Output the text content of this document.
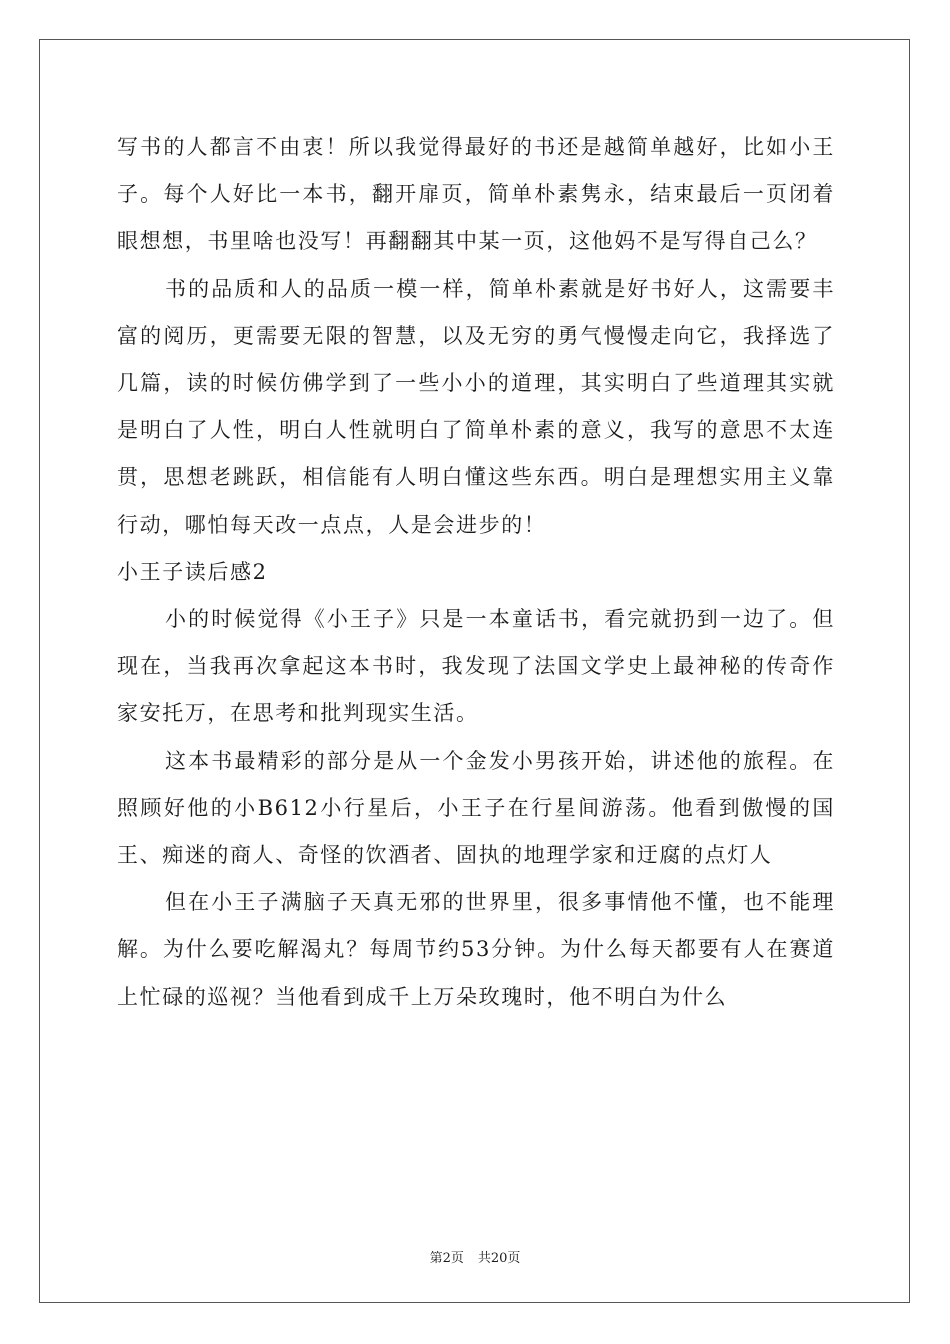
写书的人都言不由衷！所以我觉得最好的书还是越简单越好，比如小王子。每个人好比一本书，翻开扉页，简单朴素隽永，结束最后一页闭着眼想想，书里啥也没写！再翻翻其中某一页，这他妈不是写得自己么？

书的品质和人的品质一模一样，简单朴素就是好书好人，这需要丰富的阅历，更需要无限的智慧，以及无穷的勇气慢慢走向它，我择选了几篇，读的时候仿佛学到了一些小小的道理，其实明白了些道理其实就是明白了人性，明白人性就明白了简单朴素的意义，我写的意思不太连贯，思想老跳跃，相信能有人明白懂这些东西。明白是理想实用主义靠行动，哪怕每天改一点点，人是会进步的！

小王子读后感2

小的时候觉得《小王子》只是一本童话书，看完就扔到一边了。但现在，当我再次拿起这本书时，我发现了法国文学史上最神秘的传奇作家安托万，在思考和批判现实生活。

这本书最精彩的部分是从一个金发小男孩开始，讲述他的旅程。在照顾好他的小B612小行星后，小王子在行星间游荡。他看到傲慢的国王、痴迷的商人、奇怪的饮酒者、固执的地理学家和迂腐的点灯人

但在小王子满脑子天真无邪的世界里，很多事情他不懂，也不能理解。为什么要吃解渴丸？每周节约53分钟。为什么每天都要有人在赛道上忙碌的巡视？当他看到成千上万朵玫瑰时，他不明白为什么

第2页 共20页
